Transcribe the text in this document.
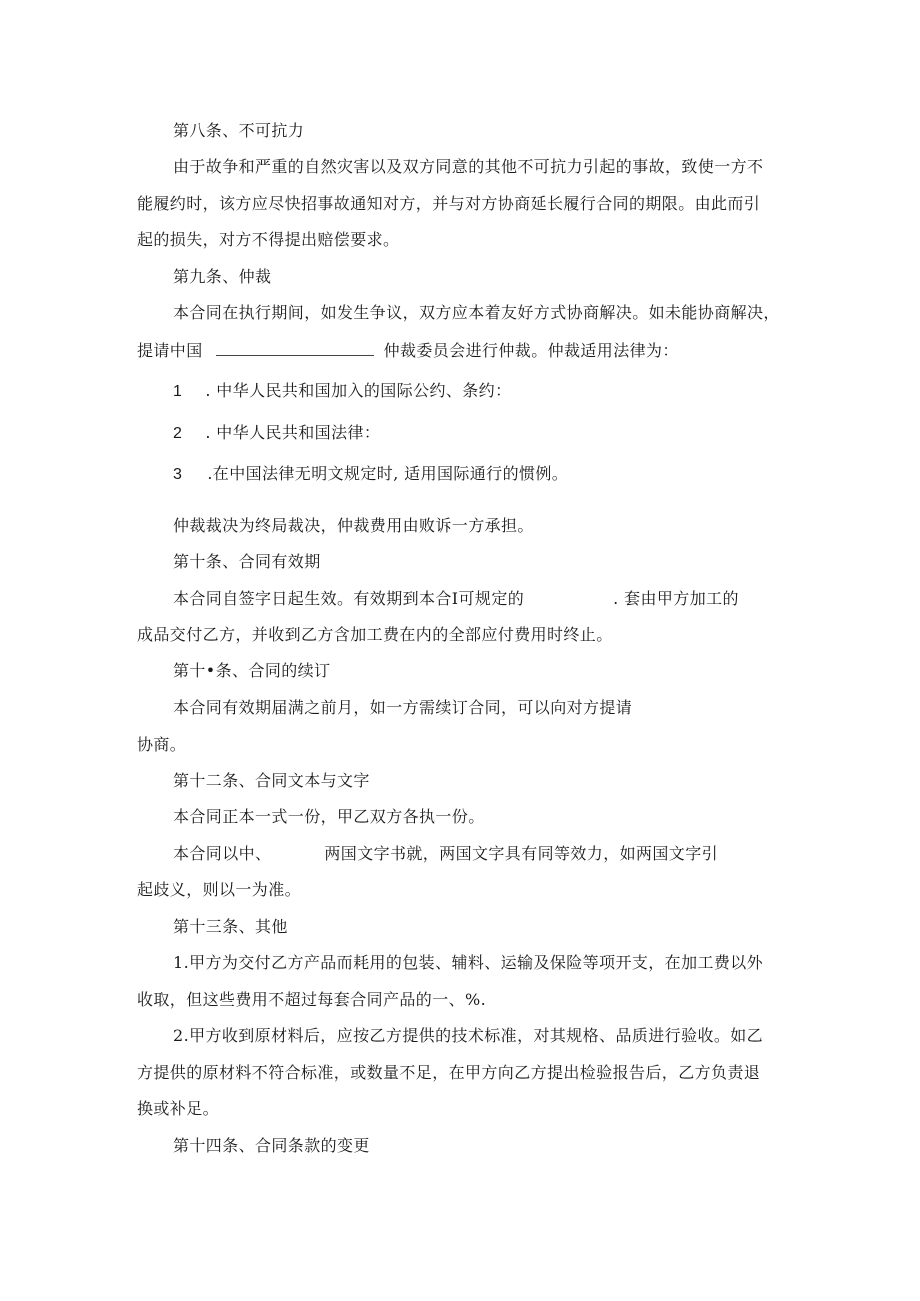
第八条、不可抗力
由于故争和严重的自然灾害以及双方同意的其他不可抗力引起的事故，致使一方不
能履约时，该方应尽快招事故通知对方，并与对方协商延长履行合同的期限。由此而引
起的损失，对方不得提出赔偿要求。
第九条、仲裁
本合同在执行期间，如发生争议，双方应本着友好方式协商解决。如未能协商解决，
提请中国	仲裁委员会进行仲裁。仲裁适用法律为：
1 . 中华人民共和国加入的国际公约、条约：
2 . 中华人民共和国法律：
3 .在中国法律无明文规定时, 适用国际通行的惯例。
仲裁裁决为终局裁决，仲裁费用由败诉一方承担。
第十条、合同有效期
本合同自签字日起生效。有效期到本合I可规定的	. 套由甲方加工的
成品交付乙方，并收到乙方含加工费在内的全部应付费用时终止。
第十•条、合同的续订
本合同有效期届满之前月，如一方需续订合同，可以向对方提请
协商。
第十二条、合同文本与文字
本合同正本一式一份，甲乙双方各执一份。
本合同以中、	两国文字书就，两国文字具有同等效力，如两国文字引
起歧义，则以一为准。
第十三条、其他
1.甲方为交付乙方产品而耗用的包装、辅料、运输及保险等项开支，在加工费以外
收取，但这些费用不超过每套合同产品的一、%.
2.甲方收到原材料后，应按乙方提供的技术标准，对其规格、品质进行验收。如乙
方提供的原材料不符合标准，或数量不足，在甲方向乙方提出检验报告后，乙方负责退
换或补足。
第十四条、合同条款的变更
